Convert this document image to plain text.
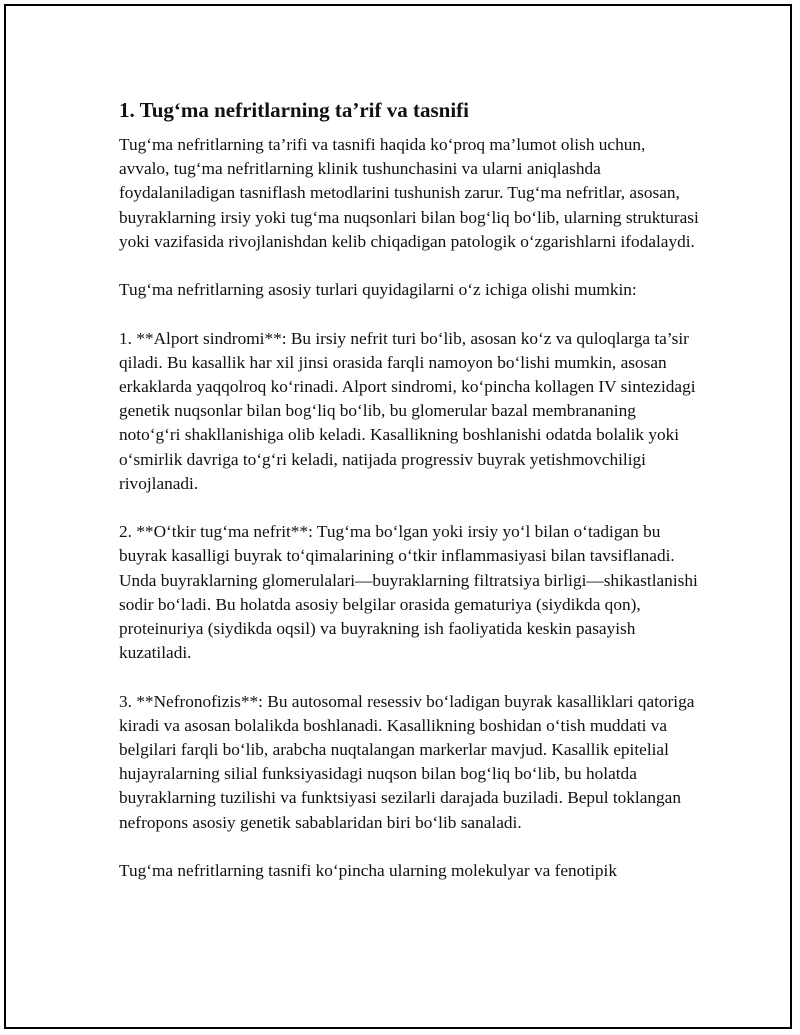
1. Tug‘ma nefritlarning ta’rif va tasnifi

Tug‘ma nefritlarning ta’rifi va tasnifi haqida ko‘proq ma’lumot olish uchun, avvalo, tug‘ma nefritlarning klinik tushunchasini va ularni aniqlashda foydalaniladigan tasniflash metodlarini tushunish zarur. Tug‘ma nefritlar, asosan, buyraklarning irsiy yoki tug‘ma nuqsonlari bilan bog‘liq bo‘lib, ularning strukturasi yoki vazifasida rivojlanishdan kelib chiqadigan patologik o‘zgarishlarni ifodalaydi.

Tug‘ma nefritlarning asosiy turlari quyidagilarni o‘z ichiga olishi mumkin:

1. **Alport sindromi**: Bu irsiy nefrit turi bo‘lib, asosan ko‘z va quloqlarga ta’sir qiladi. Bu kasallik har xil jinsi orasida farqli namoyon bo‘lishi mumkin, asosan erkaklarda yaqqolroq ko‘rinadi. Alport sindromi, ko‘pincha kollagen IV sintezidagi genetik nuqsonlar bilan bog‘liq bo‘lib, bu glomerular bazal membrananing noto‘g‘ri shakllanishiga olib keladi. Kasallikning boshlanishi odatda bolalik yoki o‘smirlik davriga to‘g‘ri keladi, natijada progressiv buyrak yetishmovchiligi rivojlanadi.

2. **O‘tkir tug‘ma nefrit**: Tug‘ma bo‘lgan yoki irsiy yo‘l bilan o‘tadigan bu buyrak kasalligi buyrak to‘qimalarining o‘tkir inflammasiyasi bilan tavsiflanadi. Unda buyraklarning glomerulalari—buyraklarning filtratsiya birligi—shikastlanishi sodir bo‘ladi. Bu holatda asosiy belgilar orasida gematuriya (siydikda qon), proteinuriya (siydikda oqsil) va buyrakning ish faoliyatida keskin pasayish kuzatiladi.

3. **Nefronofizis**: Bu autosomal resessiv bo‘ladigan buyrak kasalliklari qatoriga kiradi va asosan bolalikda boshlanadi. Kasallikning boshidan o‘tish muddati va belgilari farqli bo‘lib, arabcha nuqtalangan markerlar mavjud. Kasallik epitelial hujayralarning silial funksiyasidagi nuqson bilan bog‘liq bo‘lib, bu holatda buyraklarning tuzilishi va funktsiyasi sezilarli darajada buziladi. Bepul toklangan nefropons asosiy genetik sabablaridan biri bo‘lib sanaladi.

Tug‘ma nefritlarning tasnifi ko‘pincha ularning molekulyar va fenotipik
